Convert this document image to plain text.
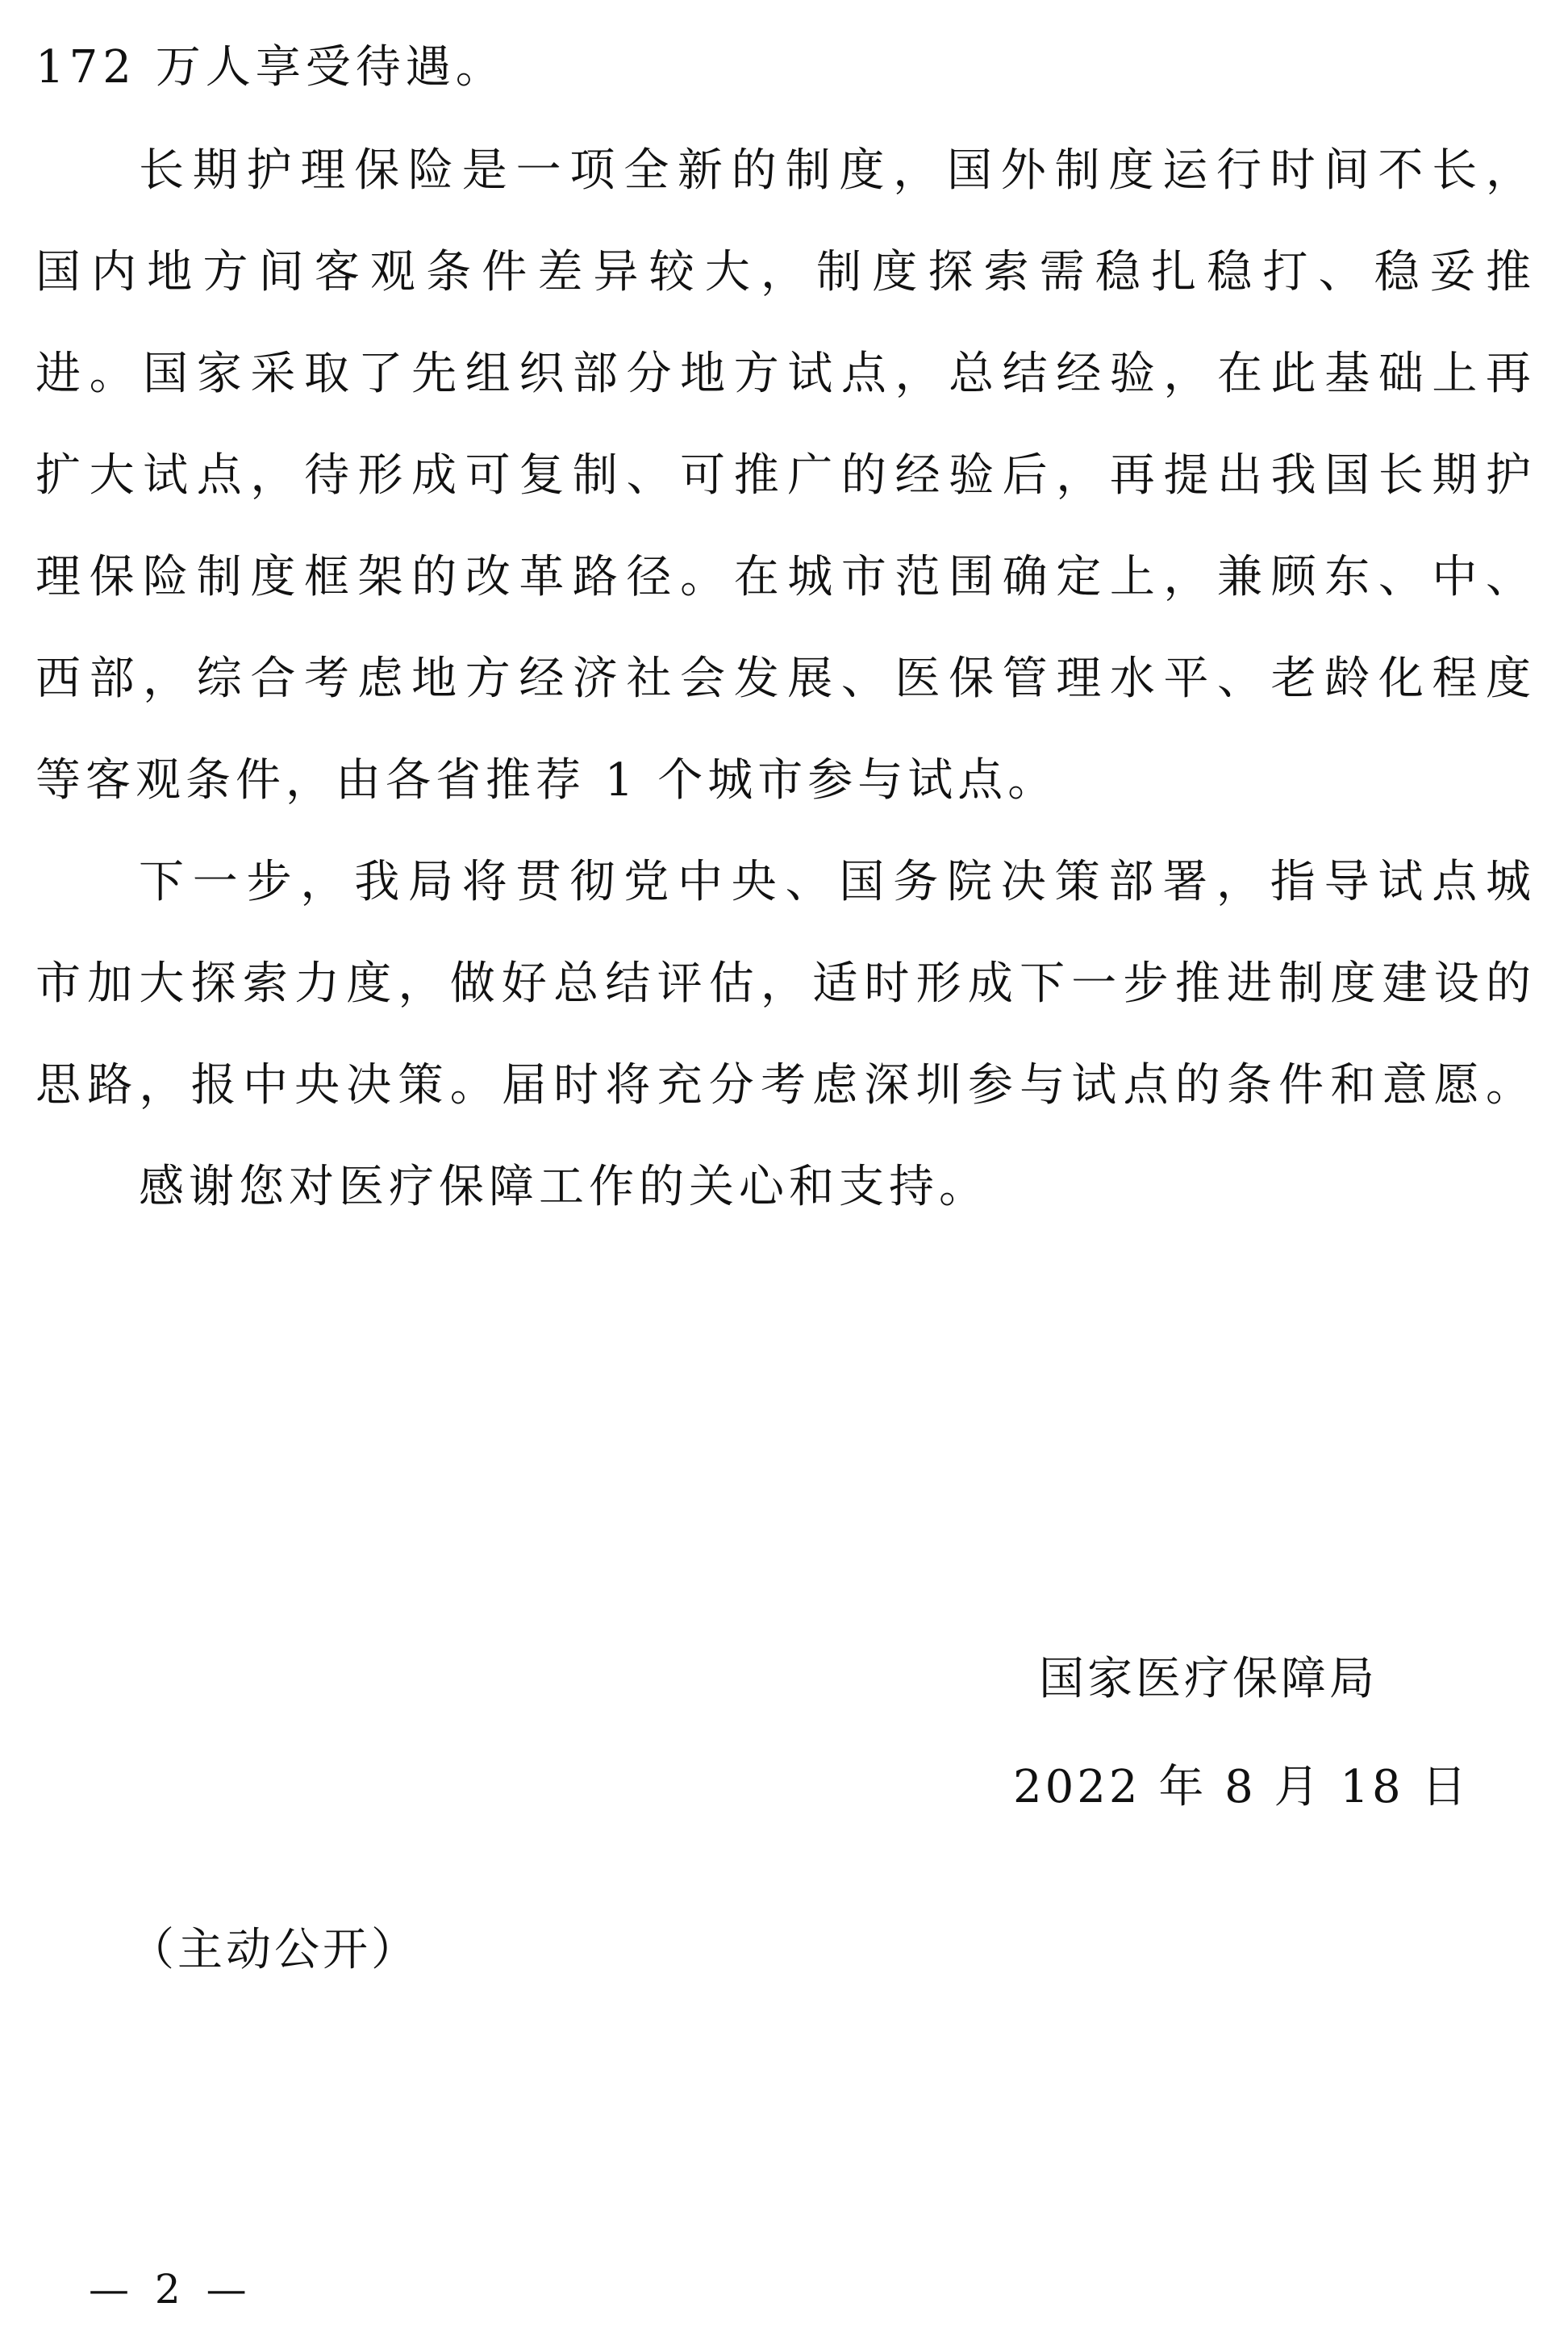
172 万人享受待遇。
长期护理保险是一项全新的制度，国外制度运行时间不长，
国内地方间客观条件差异较大，制度探索需稳扎稳打、稳妥推
进。国家采取了先组织部分地方试点，总结经验，在此基础上再
扩大试点，待形成可复制、可推广的经验后，再提出我国长期护
理保险制度框架的改革路径。在城市范围确定上，兼顾东、中、
西部，综合考虑地方经济社会发展、医保管理水平、老龄化程度
等客观条件，由各省推荐 1 个城市参与试点。
下一步，我局将贯彻党中央、国务院决策部署，指导试点城
市加大探索力度，做好总结评估，适时形成下一步推进制度建设的
思路，报中央决策。届时将充分考虑深圳参与试点的条件和意愿。
感谢您对医疗保障工作的关心和支持。
国家医疗保障局
2022 年 8 月 18 日
（主动公开）
— 2 —
